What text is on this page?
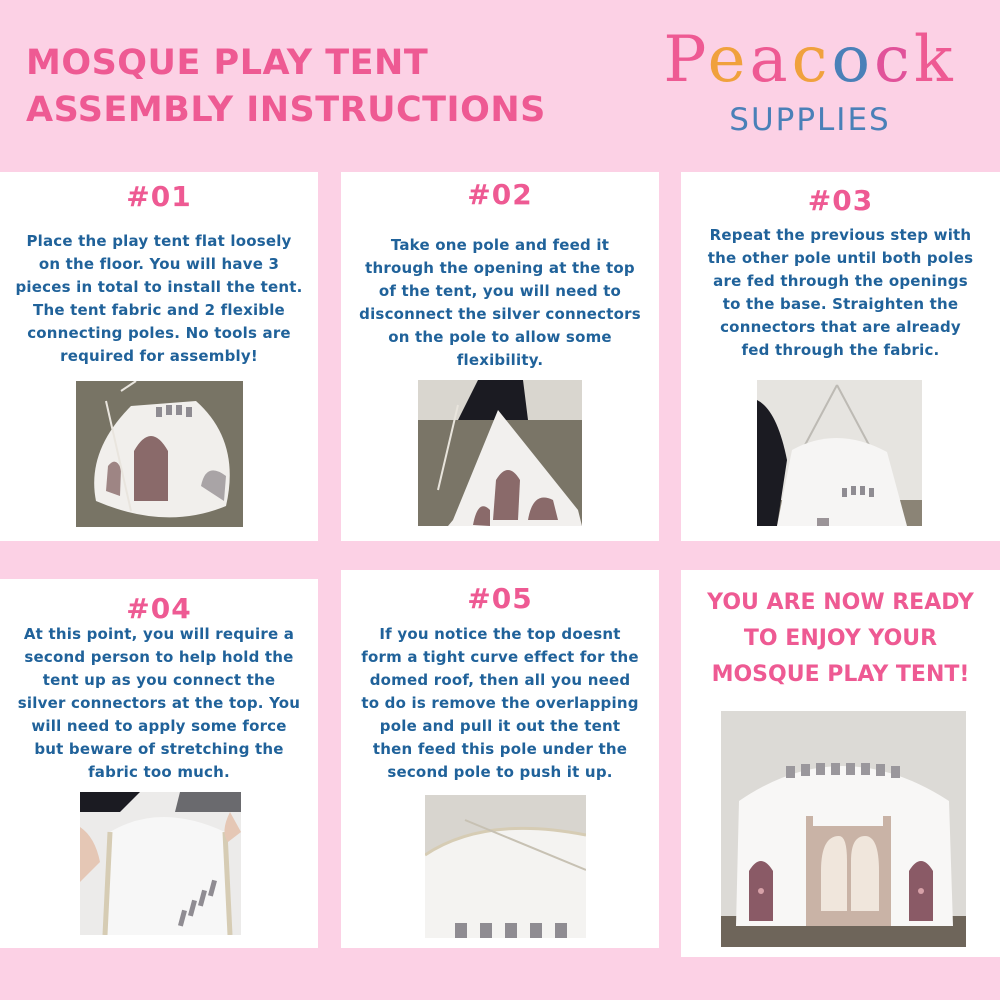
MOSQUE PLAY TENT
ASSEMBLY INSTRUCTIONS
Peacock
SUPPLIES
#01
Place the play tent flat loosely
on the floor. You will have 3
pieces in total to install the tent.
The tent fabric and 2 flexible
connecting poles. No tools are
required for assembly!
#02
Take one pole and feed it
through the opening at the top
of the tent, you will need to
disconnect the silver connectors
on the pole to allow some
flexibility.
#03
Repeat the previous step with
the other pole until both poles
are fed through the openings
to the base. Straighten the
connectors that are already
fed through the fabric.
#04
At this point, you will require a
second person to help hold the
tent up as you connect the
silver connectors at the top. You
will need to apply some force
but beware of stretching the
fabric too much.
#05
If you notice the top doesnt
form a tight curve effect for the
domed roof, then all you need
to do is remove the overlapping
pole and pull it out the tent
then feed this pole under the
second pole to push it up.
YOU ARE NOW READY
TO ENJOY YOUR
MOSQUE PLAY TENT!
